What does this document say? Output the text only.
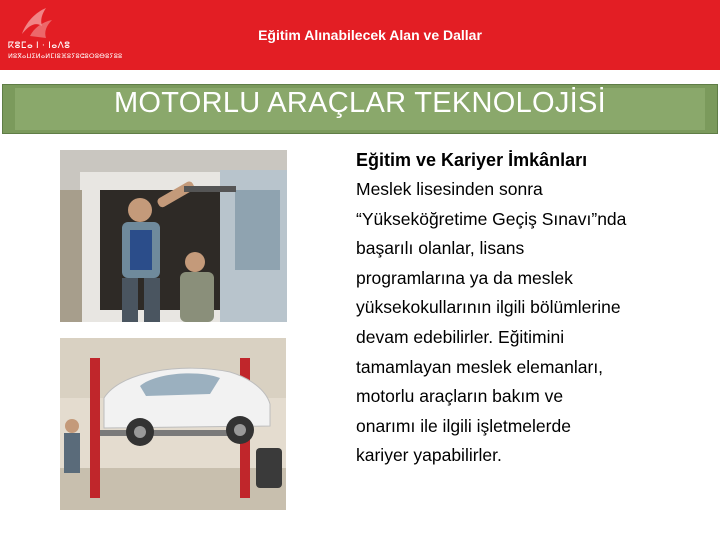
ⴽⵓⵎⴰ ⵏ · ⵏⴰⴷⵓ
ⵍⵓⴳⴰⵡⵉⵍⴰⵍⵎⵏⵓⴼⵓⵢⵓⵛⵓⵔⵓⴱⵓⵢⵓⵓ
Eğitim Alınabilecek Alan ve Dallar
MOTORLU ARAÇLAR TEKNOLOJİSİ
Eğitim ve Kariyer İmkânları
Meslek lisesinden sonra
“Yükseköğretime Geçiş Sınavı”nda
başarılı olanlar, lisans
programlarına ya da meslek
yüksekokullarının ilgili bölümlerine
devam edebilirler. Eğitimini
tamamlayan meslek elemanları,
motorlu araçların bakım ve
onarımı ile ilgili işletmelerde
kariyer yapabilirler.
